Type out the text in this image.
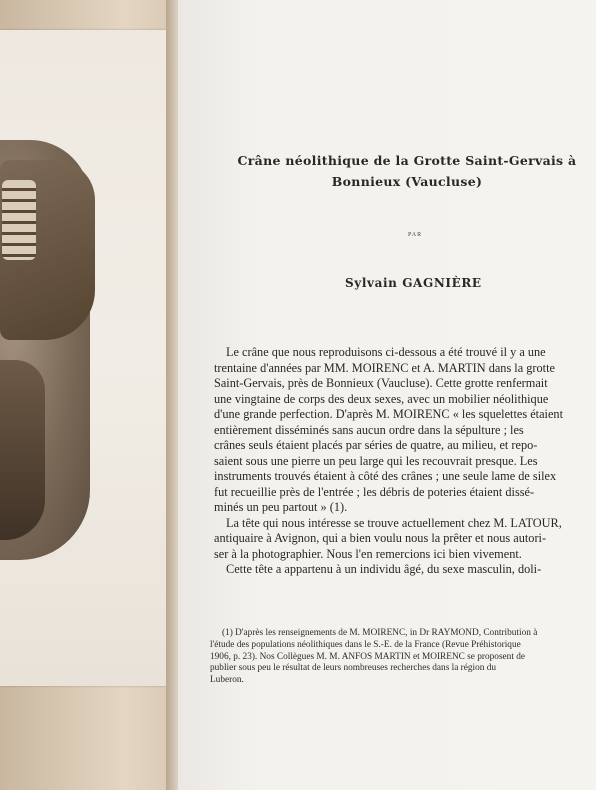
Crâne néolithique de la Grotte Saint-Gervais à
Bonnieux (Vaucluse)
PAR
Sylvain GAGNIÈRE

Le crâne que nous reproduisons ci-dessous a été trouvé il y a une

trentaine d'années par MM. MOIRENC et A. MARTIN dans la grotte

Saint-Gervais, près de Bonnieux (Vaucluse). Cette grotte renfermait

une vingtaine de corps des deux sexes, avec un mobilier néolithique

d'une grande perfection. D'après M. MOIRENC « les squelettes étaient

entièrement disséminés sans aucun ordre dans la sépulture ; les

crânes seuls étaient placés par séries de quatre, au milieu, et repo-

saient sous une pierre un peu large qui les recouvrait presque. Les

instruments trouvés étaient à côté des crânes ; une seule lame de silex

fut recueillie près de l'entrée ; les débris de poteries étaient dissé-

minés un peu partout » (1).

La tête qui nous intéresse se trouve actuellement chez M. LATOUR,

antiquaire à Avignon, qui a bien voulu nous la prêter et nous autori-

ser à la photographier. Nous l'en remercions ici bien vivement.

Cette tête a appartenu à un individu âgé, du sexe masculin, doli-

(1) D'après les renseignements de M. MOIRENC, in Dr RAYMOND, Contribution à
l'étude des populations néolithiques dans le S.-E. de la France (Revue Préhistorique
1906, p. 23). Nos Collègues M. M. ANFOS MARTIN et MOIRENC se proposent de
publier sous peu le résultat de leurs nombreuses recherches dans la région du
Luberon.
